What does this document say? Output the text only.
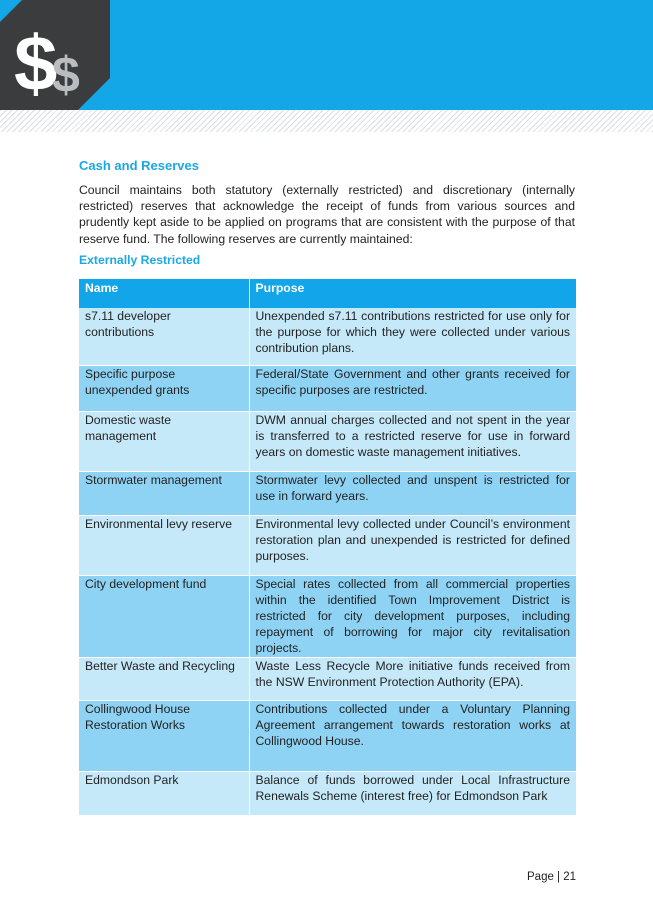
$
$
Cash and Reserves

Council maintains both statutory (externally restricted) and discretionary (internally restricted) reserves that acknowledge the receipt of funds from various sources and prudently kept aside to be applied on programs that are consistent with the purpose of that reserve fund. The following reserves are currently maintained:

Externally Restricted
Name	Purpose
s7.11 developer contributions	Unexpended s7.11 contributions restricted for use only for the purpose for which they were collected under various contribution plans.
Specific purpose unexpended grants	Federal/State Government and other grants received for specific purposes are restricted.
Domestic waste management	DWM annual charges collected and not spent in the year is transferred to a restricted reserve for use in forward years on domestic waste management initiatives.
Stormwater management	Stormwater levy collected and unspent is restricted for use in forward years.
Environmental levy reserve	Environmental levy collected under Council’s environment restoration plan and unexpended is restricted for defined purposes.
City development fund	Special rates collected from all commercial properties within the identified Town Improvement District is restricted for city development purposes, including repayment of borrowing for major city revitalisation projects.
Better Waste and Recycling	Waste Less Recycle More initiative funds received from the NSW Environment Protection Authority (EPA).
Collingwood House Restoration Works	Contributions collected under a Voluntary Planning Agreement arrangement towards restoration works at Collingwood House.
Edmondson Park	Balance of funds borrowed under Local Infrastructure Renewals Scheme (interest free) for Edmondson Park
Page | 21
